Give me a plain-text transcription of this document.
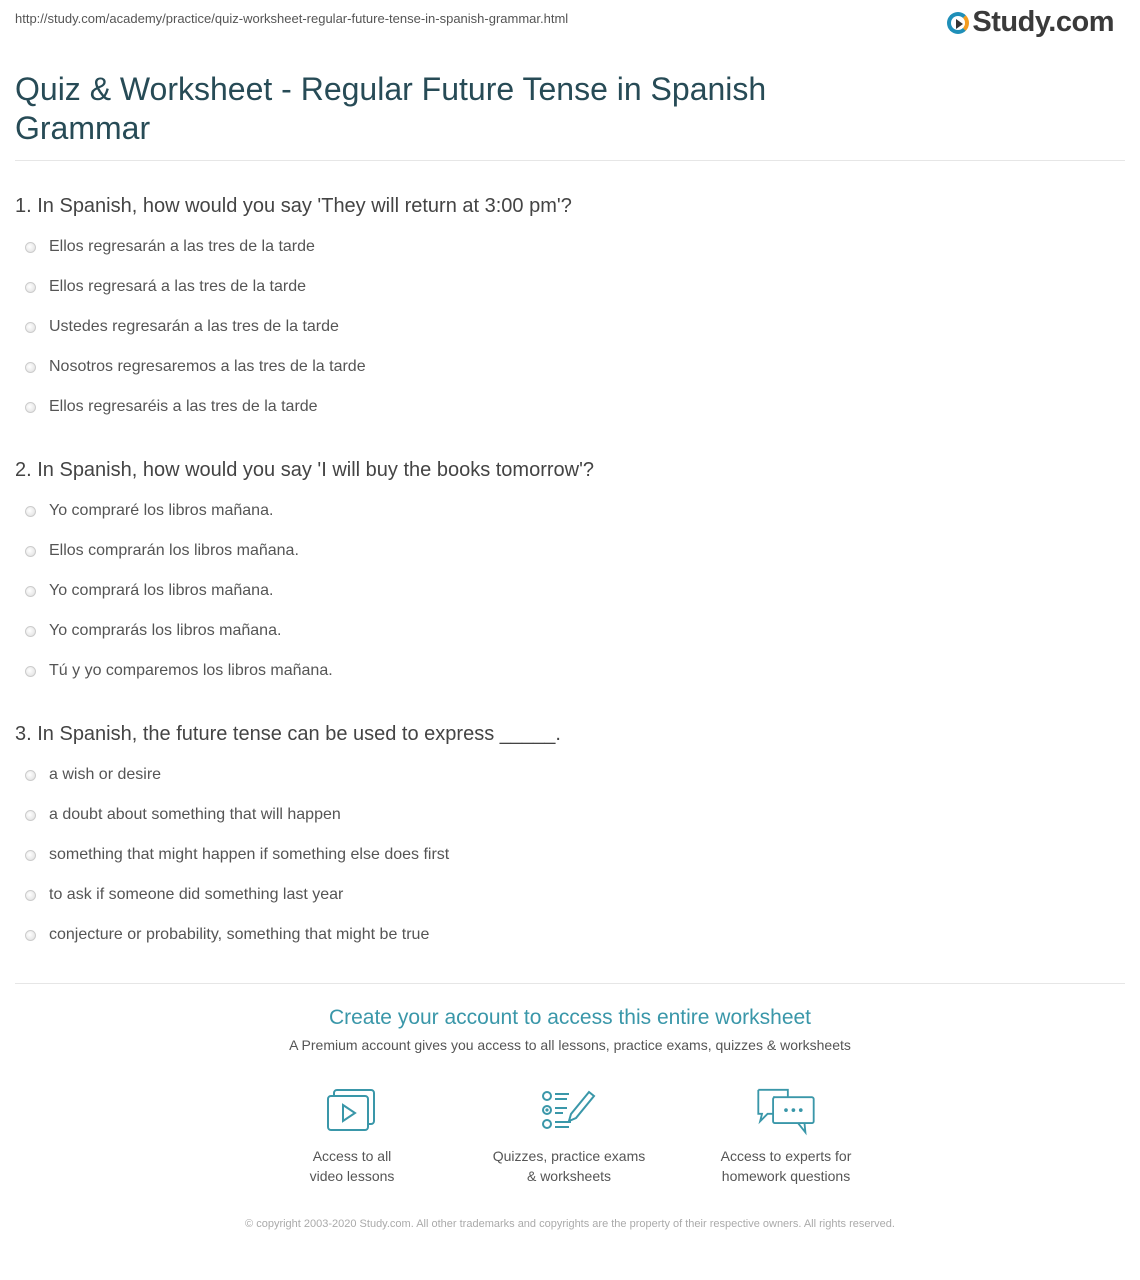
http://study.com/academy/practice/quiz-worksheet-regular-future-tense-in-spanish-grammar.html	Study.com
Quiz & Worksheet - Regular Future Tense in Spanish Grammar
1. In Spanish, how would you say 'They will return at 3:00 pm'?
Ellos regresarán a las tres de la tarde
Ellos regresará a las tres de la tarde
Ustedes regresarán a las tres de la tarde
Nosotros regresaremos a las tres de la tarde
Ellos regresaréis a las tres de la tarde
2. In Spanish, how would you say 'I will buy the books tomorrow'?
Yo compraré los libros mañana.
Ellos comprarán los libros mañana.
Yo comprará los libros mañana.
Yo comprarás los libros mañana.
Tú y yo comparemos los libros mañana.
3. In Spanish, the future tense can be used to express _____.
a wish or desire
a doubt about something that will happen
something that might happen if something else does first
to ask if someone did something last year
conjecture or probability, something that might be true
Create your account to access this entire worksheet
A Premium account gives you access to all lessons, practice exams, quizzes & worksheets
Access to all
video lessons
Quizzes, practice exams
& worksheets
Access to experts for
homework questions
© copyright 2003-2020 Study.com. All other trademarks and copyrights are the property of their respective owners. All rights reserved.
